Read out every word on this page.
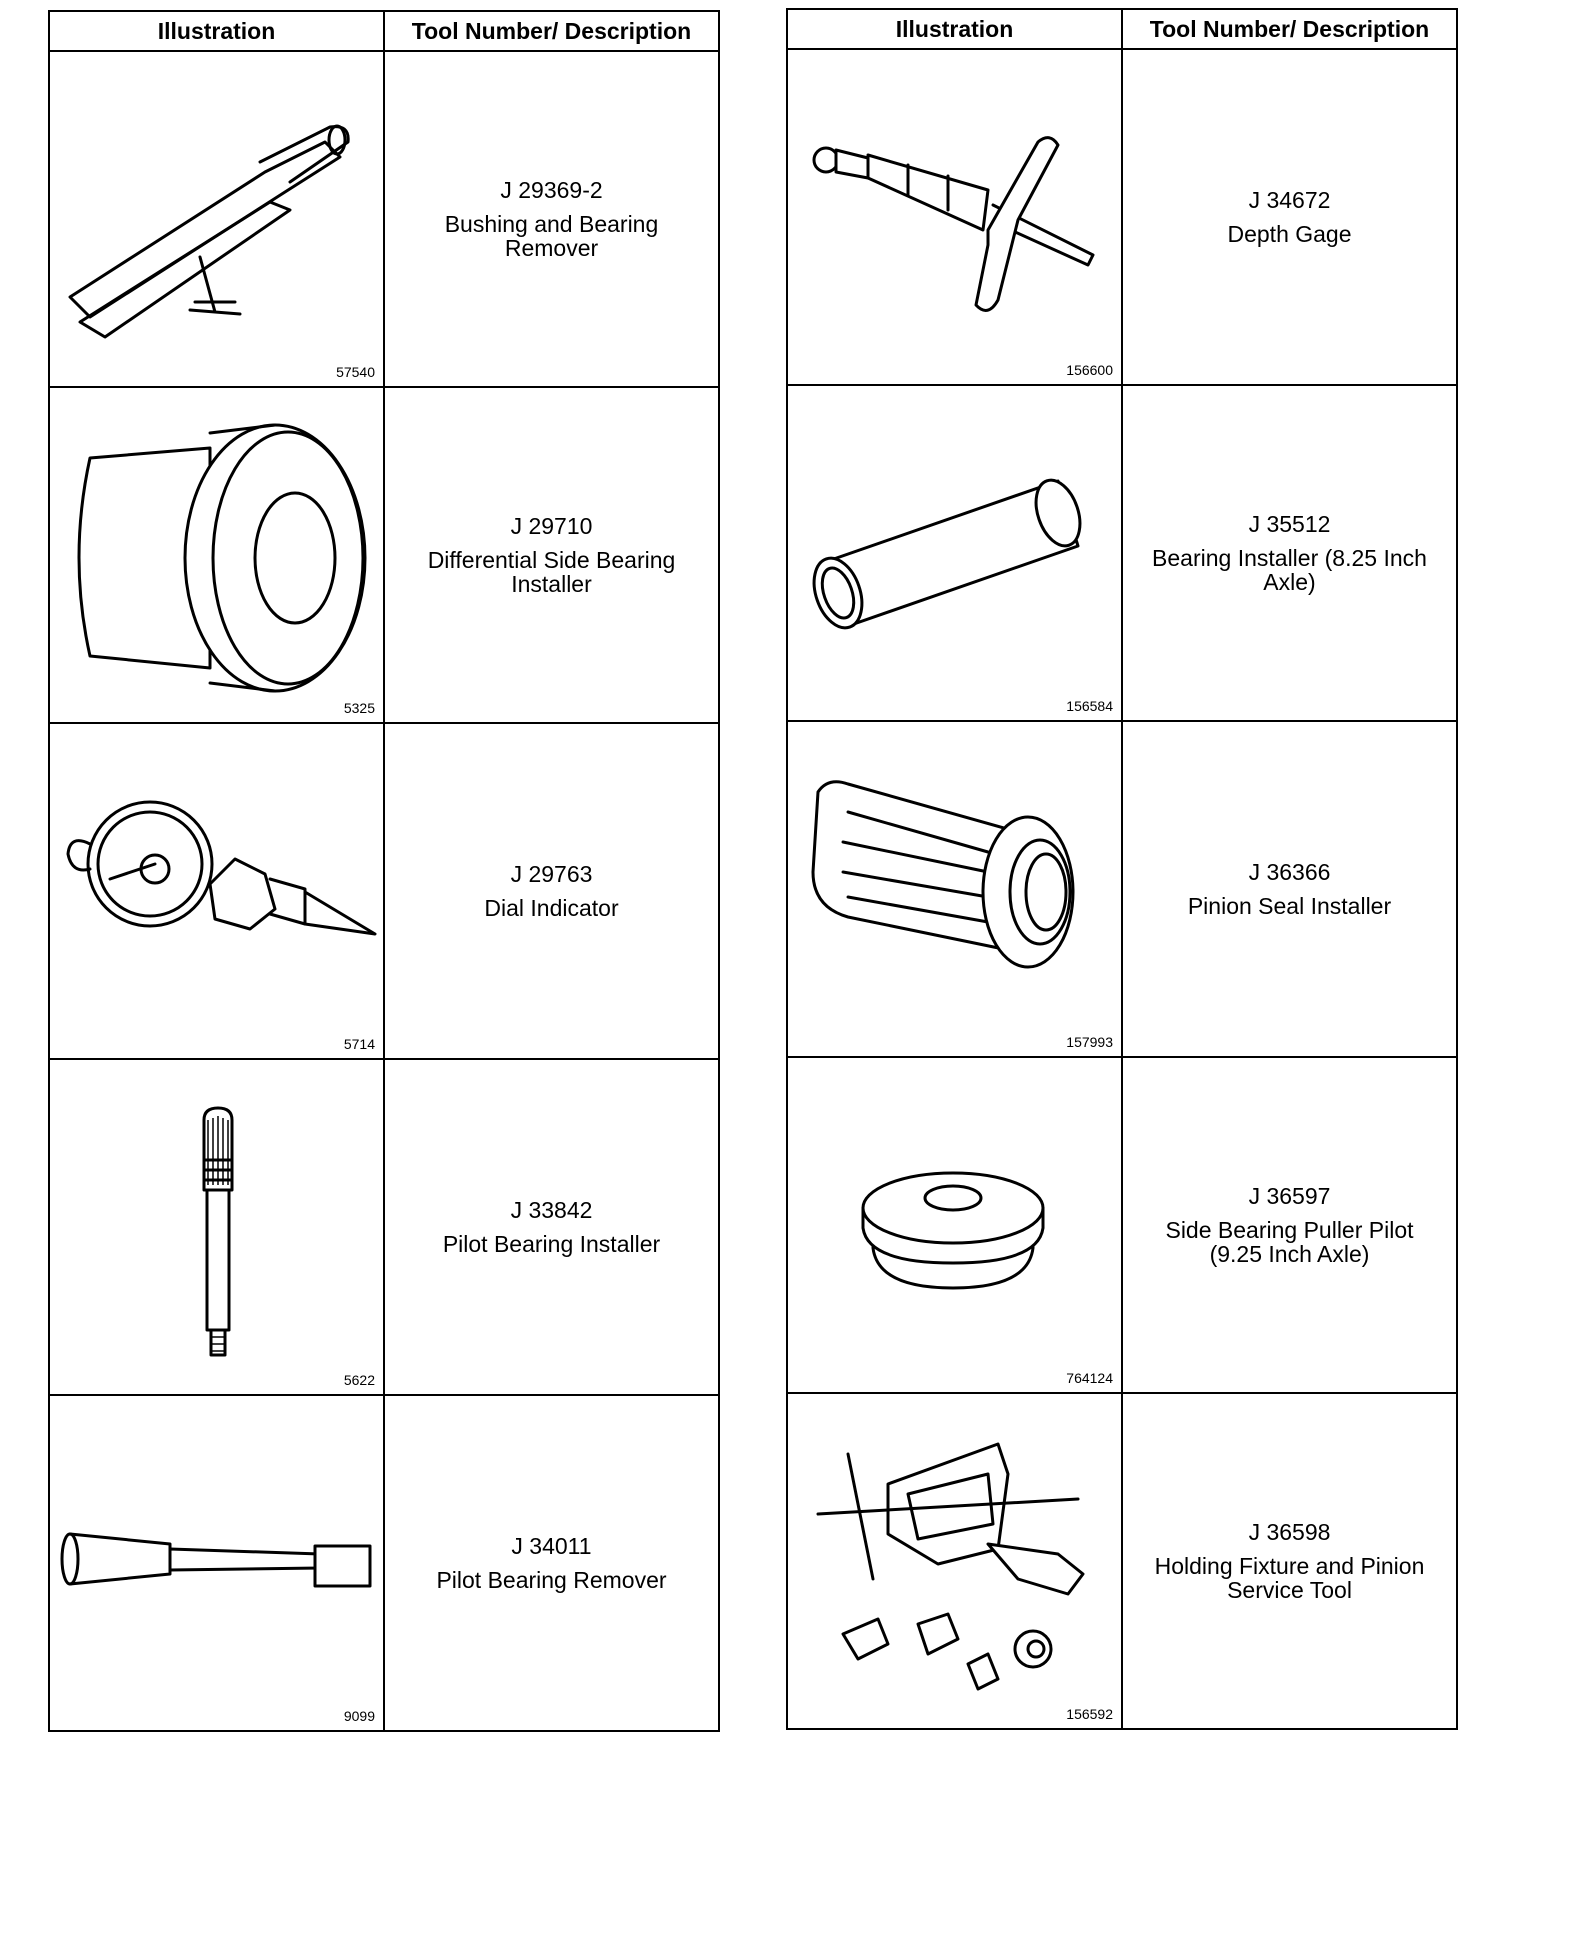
Illustration	Tool Number/ Description

57540	J 29369-2
Bushing and Bearing Remover

5325	J 29710
Differential Side Bearing Installer

5714	J 29763
Dial Indicator

5622	J 33842
Pilot Bearing Installer

9099	J 34011
Pilot Bearing Remover
Illustration	Tool Number/ Description

156600	J 34672
Depth Gage

156584	J 35512
Bearing Installer (8.25 Inch Axle)

157993	J 36366
Pinion Seal Installer

764124	J 36597
Side Bearing Puller Pilot (9.25 Inch Axle)

156592	J 36598
Holding Fixture and Pinion Service Tool
